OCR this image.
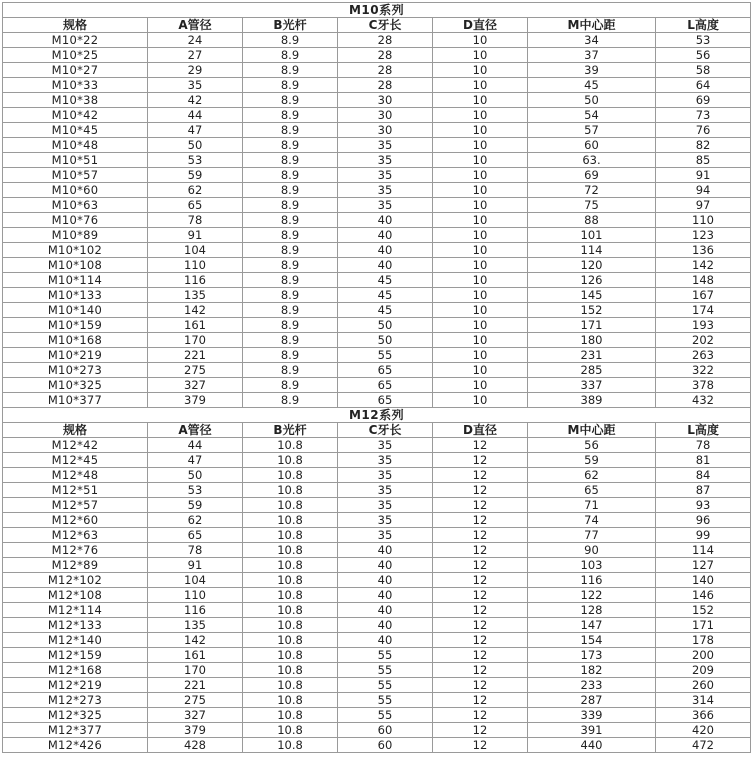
M10系列						
规格	A管径	B光杆	C牙长	D直径	M中心距	L高度
M10*22	24	8.9	28	10	34	53
M10*25	27	8.9	28	10	37	56
M10*27	29	8.9	28	10	39	58
M10*33	35	8.9	28	10	45	64
M10*38	42	8.9	30	10	50	69
M10*42	44	8.9	30	10	54	73
M10*45	47	8.9	30	10	57	76
M10*48	50	8.9	35	10	60	82
M10*51	53	8.9	35	10	63.	85
M10*57	59	8.9	35	10	69	91
M10*60	62	8.9	35	10	72	94
M10*63	65	8.9	35	10	75	97
M10*76	78	8.9	40	10	88	110
M10*89	91	8.9	40	10	101	123
M10*102	104	8.9	40	10	114	136
M10*108	110	8.9	40	10	120	142
M10*114	116	8.9	45	10	126	148
M10*133	135	8.9	45	10	145	167
M10*140	142	8.9	45	10	152	174
M10*159	161	8.9	50	10	171	193
M10*168	170	8.9	50	10	180	202
M10*219	221	8.9	55	10	231	263
M10*273	275	8.9	65	10	285	322
M10*325	327	8.9	65	10	337	378
M10*377	379	8.9	65	10	389	432
M12系列						
规格	A管径	B光杆	C牙长	D直径	M中心距	L高度
M12*42	44	10.8	35	12	56	78
M12*45	47	10.8	35	12	59	81
M12*48	50	10.8	35	12	62	84
M12*51	53	10.8	35	12	65	87
M12*57	59	10.8	35	12	71	93
M12*60	62	10.8	35	12	74	96
M12*63	65	10.8	35	12	77	99
M12*76	78	10.8	40	12	90	114
M12*89	91	10.8	40	12	103	127
M12*102	104	10.8	40	12	116	140
M12*108	110	10.8	40	12	122	146
M12*114	116	10.8	40	12	128	152
M12*133	135	10.8	40	12	147	171
M12*140	142	10.8	40	12	154	178
M12*159	161	10.8	55	12	173	200
M12*168	170	10.8	55	12	182	209
M12*219	221	10.8	55	12	233	260
M12*273	275	10.8	55	12	287	314
M12*325	327	10.8	55	12	339	366
M12*377	379	10.8	60	12	391	420
M12*426	428	10.8	60	12	440	472
